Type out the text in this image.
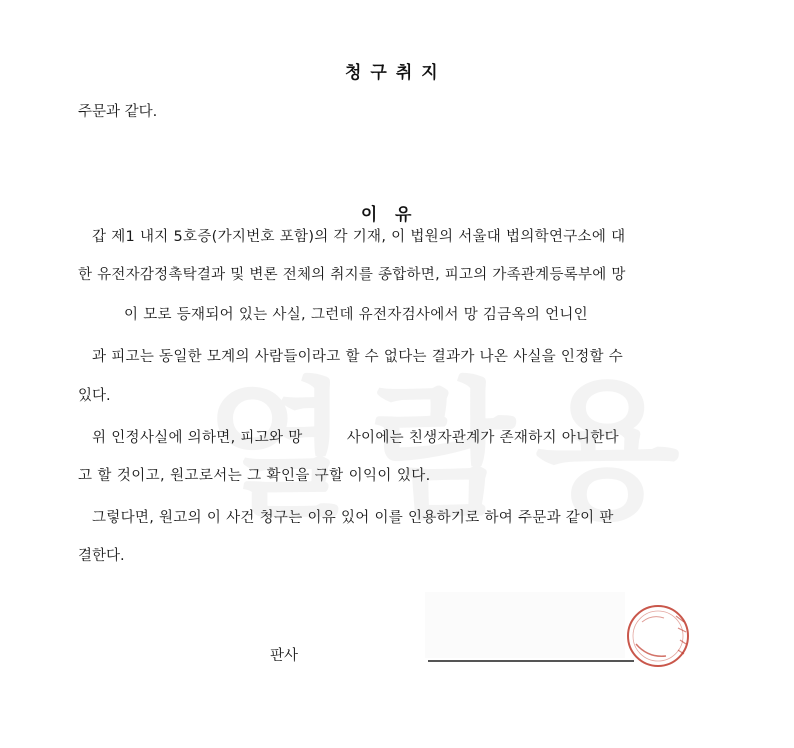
청구취지
주문과 같다.

이   유

갑 제1 내지 5호증(가지번호 포함)의 각 기재, 이 법원의 서울대 법의학연구소에 대
한 유전자감정촉탁결과 및 변론 전체의 취지를 종합하면, 피고의 가족관계등록부에 망
이 모로 등재되어 있는 사실, 그런데 유전자검사에서 망 김금옥의 언니인
과 피고는 동일한 모계의 사람들이라고 할 수 없다는 결과가 나온 사실을 인정할 수
있다.
위 인정사실에 의하면, 피고와 망         사이에는 친생자관계가 존재하지 아니한다
고 할 것이고, 원고로서는 그 확인을 구할 이익이 있다.
그렇다면, 원고의 이 사건 청구는 이유 있어 이를 인용하기로 하여 주문과 같이 판
결한다.
판사
